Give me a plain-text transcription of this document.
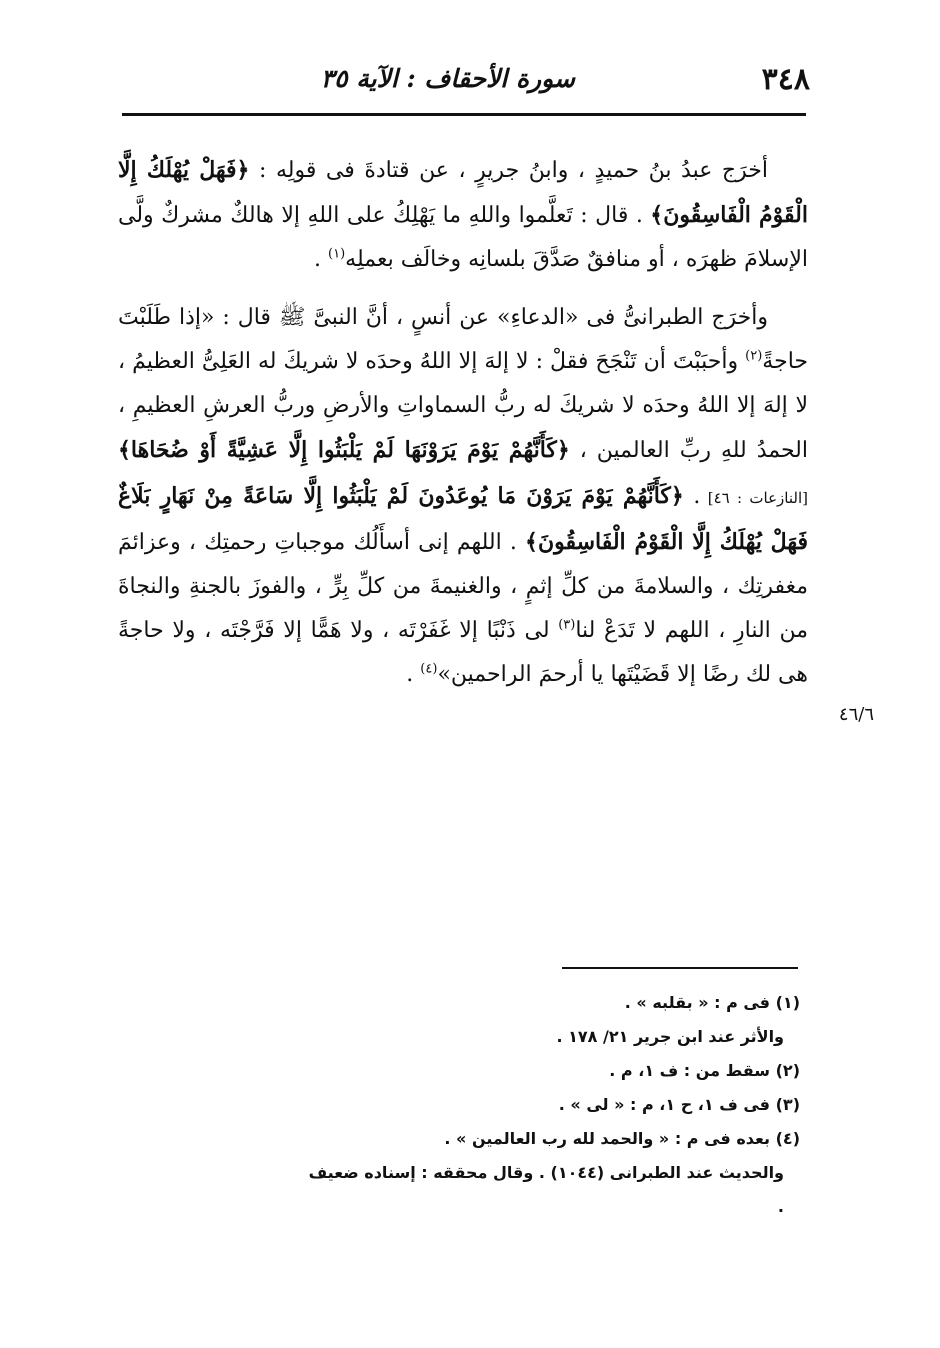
٣٤٨
سورة الأحقاف : الآية ٣٥

أخرَج عبدُ بنُ حميدٍ ، وابنُ جريرٍ ، عن قتادةَ فى قولِه : ﴿فَهَلْ يُهْلَكُ إِلَّا الْقَوْمُ الْفَاسِقُونَ﴾ . قال : تَعلَّموا واللهِ ما يَهْلِكُ على اللهِ إلا هالكٌ مشركٌ ولَّى الإسلامَ ظهرَه ، أو منافقٌ صَدَّقَ بلسانِه وخالَف بعملِه$^{(١)}$ .

وأخرَج الطبرانىُّ فى «الدعاءِ» عن أنسٍ ، أنَّ النبىَّ ﷺ قال : «إذا طَلَبْتَ حاجةً$^{(٢)}$ وأحبَبْتَ أن تَنْجَحَ فقلْ : لا إلهَ إلا اللهُ وحدَه لا شريكَ له العَلِىُّ العظيمُ ، لا إلهَ إلا اللهُ وحدَه لا شريكَ له ربُّ السماواتِ والأرضِ وربُّ العرشِ العظيمِ ، الحمدُ للهِ ربِّ العالمين ، ﴿كَأَنَّهُمْ يَوْمَ يَرَوْنَهَا لَمْ يَلْبَثُوا إِلَّا عَشِيَّةً أَوْ ضُحَاهَا﴾ [النازعات : ٤٦] . ﴿كَأَنَّهُمْ يَوْمَ يَرَوْنَ مَا يُوعَدُونَ لَمْ يَلْبَثُوا إِلَّا سَاعَةً مِنْ نَهَارٍ بَلَاغٌ فَهَلْ يُهْلَكُ إِلَّا الْقَوْمُ الْفَاسِقُونَ﴾ . اللهم إنى أسأَلُك موجباتِ رحمتِك ، وعزائمَ مغفرتِك ، والسلامةَ من كلِّ إثمٍ ، والغنيمةَ من كلِّ بِرٍّ ، والفوزَ بالجنةِ والنجاةَ من النارِ ، اللهم لا تَدَعْ لنا$^{(٣)}$ لى ذَنْبًا إلا غَفَرْتَه ، ولا هَمًّا إلا فَرَّجْتَه ، ولا حاجةً هى لك رضًا إلا قَضَيْتَها يا أرحمَ الراحمين»$^{(٤)}$ .

٤٦/٦

(١) فى م : « بقلبه » .

والأثر عند ابن جرير ٢١/ ١٧٨ .

(٢) سقط من : ف ١، م .

(٣) فى ف ١، ح ١، م : « لى » .

(٤) بعده فى م : « والحمد لله رب العالمين » .

والحديث عند الطبرانى (١٠٤٤) . وقال محققه : إسناده ضعيف .
